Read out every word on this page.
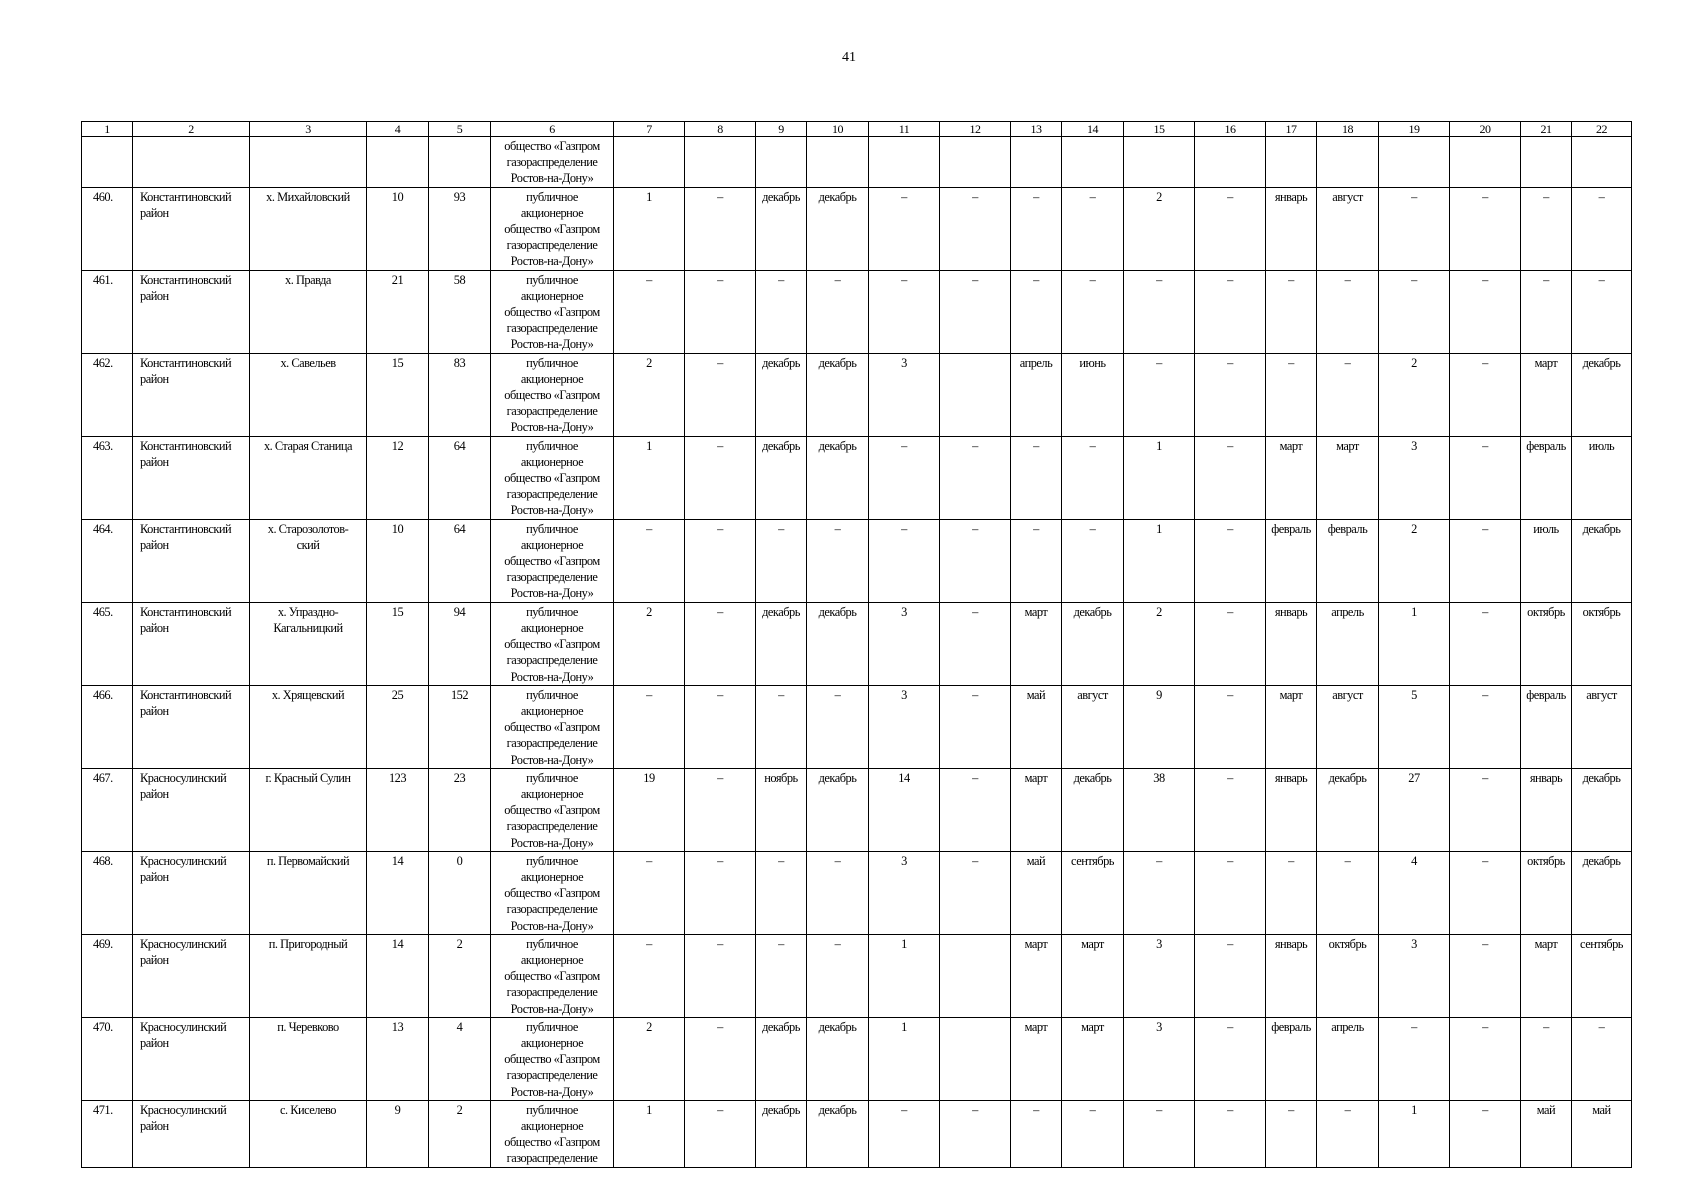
41
1	2	3	4	5	6	7	8	9	10	11	12	13	14	15	16	17	18	19	20	21	22
					общество «Газпром
газораспределение
Ростов-на-Дону»																
460.	Константиновский
район	х. Михайловский	10	93	публичное
акционерное
общество «Газпром
газораспределение
Ростов-на-Дону»	1	–	декабрь	декабрь	–	–	–	–	2	–	январь	август	–	–	–	–
461.	Константиновский
район	х. Правда	21	58	публичное
акционерное
общество «Газпром
газораспределение
Ростов-на-Дону»	–	–	–	–	–	–	–	–	–	–	–	–	–	–	–	–
462.	Константиновский
район	х. Савельев	15	83	публичное
акционерное
общество «Газпром
газораспределение
Ростов-на-Дону»	2	–	декабрь	декабрь	3		апрель	июнь	–	–	–	–	2	–	март	декабрь
463.	Константиновский
район	х. Старая Станица	12	64	публичное
акционерное
общество «Газпром
газораспределение
Ростов-на-Дону»	1	–	декабрь	декабрь	–	–	–	–	1	–	март	март	3	–	февраль	июль
464.	Константиновский
район	х. Старозолотов-
ский	10	64	публичное
акционерное
общество «Газпром
газораспределение
Ростов-на-Дону»	–	–	–	–	–	–	–	–	1	–	февраль	февраль	2	–	июль	декабрь
465.	Константиновский
район	х. Упраздно-
Кагальницкий	15	94	публичное
акционерное
общество «Газпром
газораспределение
Ростов-на-Дону»	2	–	декабрь	декабрь	3	–	март	декабрь	2	–	январь	апрель	1	–	октябрь	октябрь
466.	Константиновский
район	х. Хрящевский	25	152	публичное
акционерное
общество «Газпром
газораспределение
Ростов-на-Дону»	–	–	–	–	3	–	май	август	9	–	март	август	5	–	февраль	август
467.	Красносулинский
район	г. Красный Сулин	123	23	публичное
акционерное
общество «Газпром
газораспределение
Ростов-на-Дону»	19	–	ноябрь	декабрь	14	–	март	декабрь	38	–	январь	декабрь	27	–	январь	декабрь
468.	Красносулинский
район	п. Первомайский	14	0	публичное
акционерное
общество «Газпром
газораспределение
Ростов-на-Дону»	–	–	–	–	3	–	май	сентябрь	–	–	–	–	4	–	октябрь	декабрь
469.	Красносулинский
район	п. Пригородный	14	2	публичное
акционерное
общество «Газпром
газораспределение
Ростов-на-Дону»	–	–	–	–	1		март	март	3	–	январь	октябрь	3	–	март	сентябрь
470.	Красносулинский
район	п. Черевково	13	4	публичное
акционерное
общество «Газпром
газораспределение
Ростов-на-Дону»	2	–	декабрь	декабрь	1		март	март	3	–	февраль	апрель	–	–	–	–
471.	Красносулинский
район	с. Киселево	9	2	публичное
акционерное
общество «Газпром
газораспределение	1	–	декабрь	декабрь	–	–	–	–	–	–	–	–	1	–	май	май
